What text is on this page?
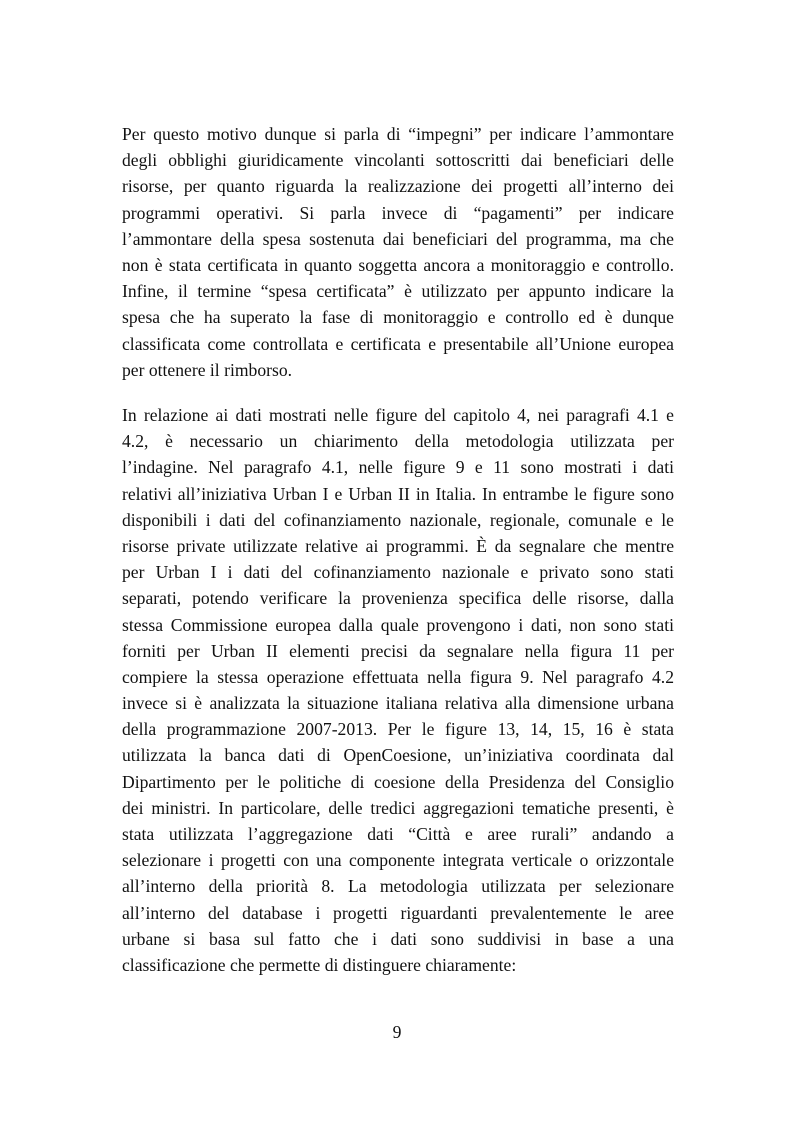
Per questo motivo dunque si parla di “impegni” per indicare l’ammontare
degli obblighi giuridicamente vincolanti sottoscritti dai beneficiari delle
risorse, per quanto riguarda la realizzazione dei progetti all’interno dei
programmi operativi. Si parla invece di “pagamenti” per indicare
l’ammontare della spesa sostenuta dai beneficiari del programma, ma che
non è stata certificata in quanto soggetta ancora a monitoraggio e controllo.
Infine, il termine “spesa certificata” è utilizzato per appunto indicare la
spesa che ha superato la fase di monitoraggio e controllo ed è dunque
classificata come controllata e certificata e presentabile all’Unione europea
per ottenere il rimborso.
In relazione ai dati mostrati nelle figure del capitolo 4, nei paragrafi 4.1 e
4.2, è necessario un chiarimento della metodologia utilizzata per
l’indagine. Nel paragrafo 4.1, nelle figure 9 e 11 sono mostrati i dati
relativi all’iniziativa Urban I e Urban II in Italia. In entrambe le figure sono
disponibili i dati del cofinanziamento nazionale, regionale, comunale e le
risorse private utilizzate relative ai programmi. È da segnalare che mentre
per Urban I i dati del cofinanziamento nazionale e privato sono stati
separati, potendo verificare la provenienza specifica delle risorse, dalla
stessa Commissione europea dalla quale provengono i dati, non sono stati
forniti per Urban II elementi precisi da segnalare nella figura 11 per
compiere la stessa operazione effettuata nella figura 9. Nel paragrafo 4.2
invece si è analizzata la situazione italiana relativa alla dimensione urbana
della programmazione 2007-2013. Per le figure 13, 14, 15, 16 è stata
utilizzata la banca dati di OpenCoesione, un’iniziativa coordinata dal
Dipartimento per le politiche di coesione della Presidenza del Consiglio
dei ministri. In particolare, delle tredici aggregazioni tematiche presenti, è
stata utilizzata l’aggregazione dati “Città e aree rurali” andando a
selezionare i progetti con una componente integrata verticale o orizzontale
all’interno della priorità 8. La metodologia utilizzata per selezionare
all’interno del database i progetti riguardanti prevalentemente le aree
urbane si basa sul fatto che i dati sono suddivisi in base a una
classificazione che permette di distinguere chiaramente:
9
